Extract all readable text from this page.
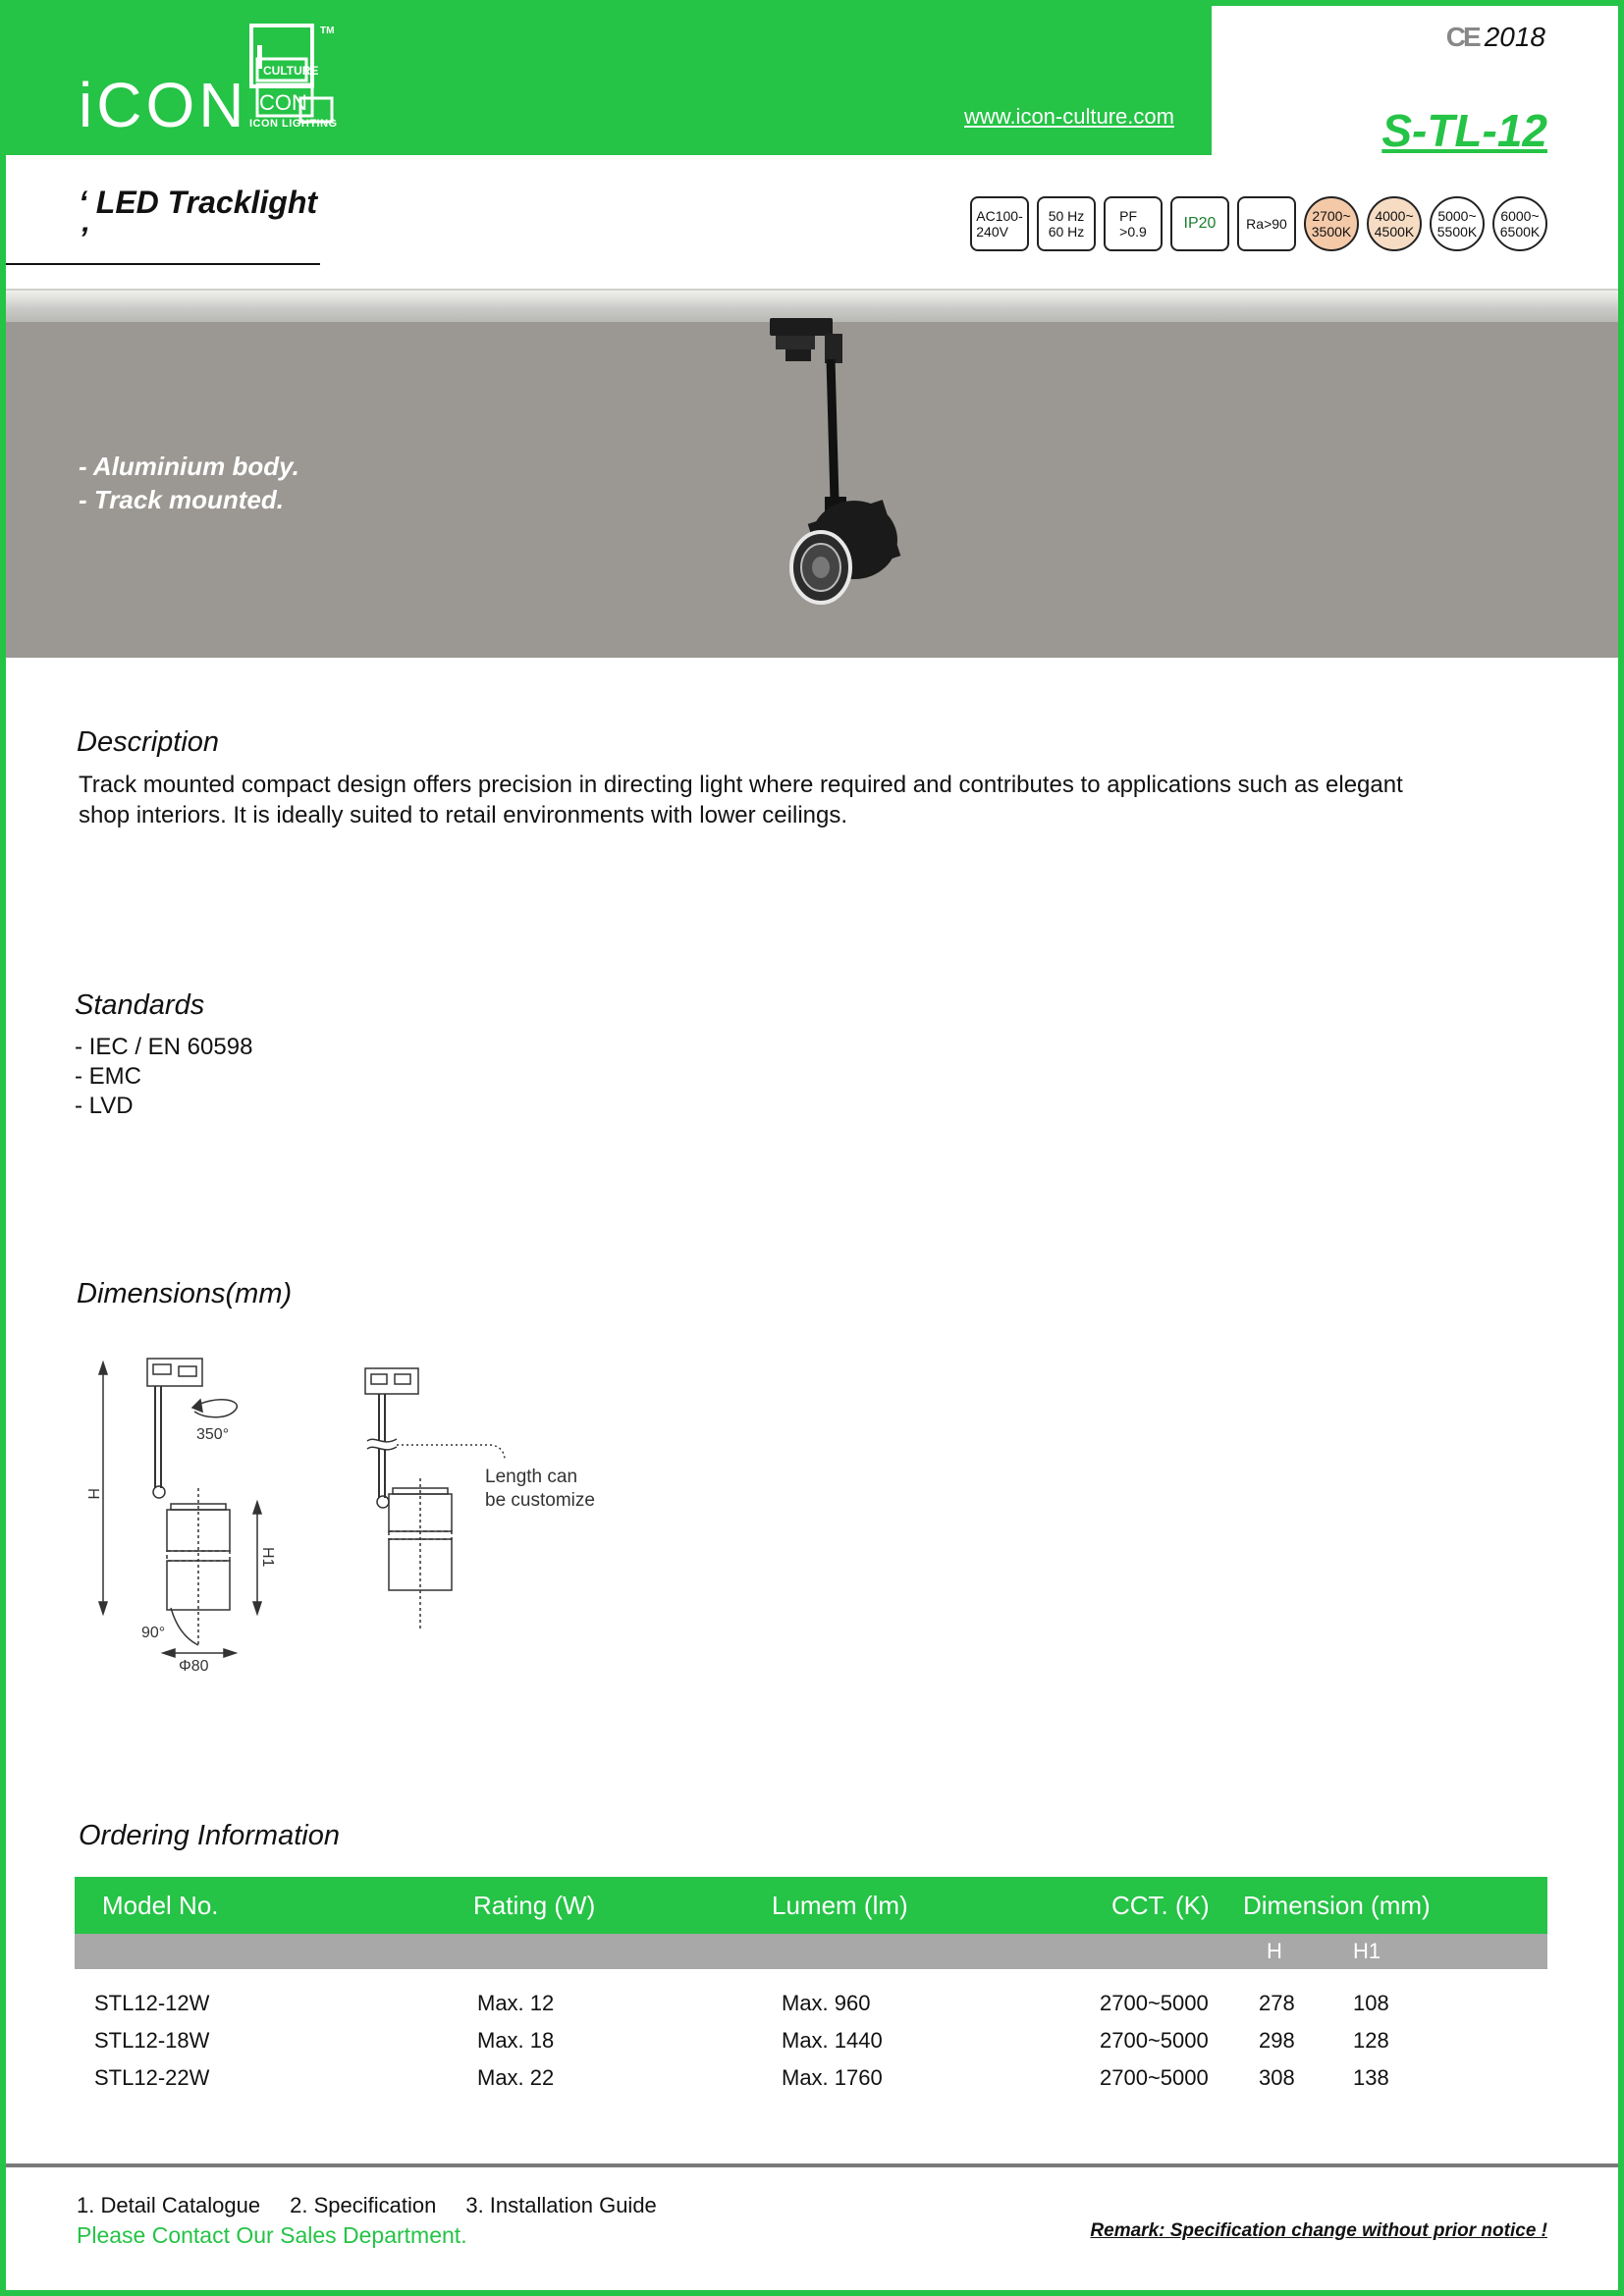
iCON CULTURE
CON
TM
ICON LIGHTING	www.icon-culture.com
CE 2018
S-TL-12
‘ LED Tracklight ’
AC100-
240V
50 Hz
60 Hz
PF
>0.9 IP20 Ra>90 2700~
3500K
4000~
4500K
5000~
5500K
6000~
6500K
- Aluminium body.
- Track mounted.
Description
Track mounted compact design offers precision in directing light where required and contributes to applications such as elegant shop interiors. It is ideally suited to retail environments with lower ceilings.
Standards
- IEC / EN 60598
- EMC
- LVD
Dimensions(mm)
H
350°
H1
90°
Φ80
Length can
be customize
Ordering Information
Model No.	Rating (W)	Lumem (lm)	CCT. (K)	Dimension (mm)	
				H	H1

STL12-12W	Max. 12	Max. 960	2700~5000	278	108
STL12-18W	Max. 18	Max. 1440	2700~5000	298	128
STL12-22W	Max. 22	Max. 1760	2700~5000	308	138
1. Detail Catalogue 2. Specification 3. Installation Guide
Please Contact Our Sales Department.	Remark: Specification change without prior notice !
